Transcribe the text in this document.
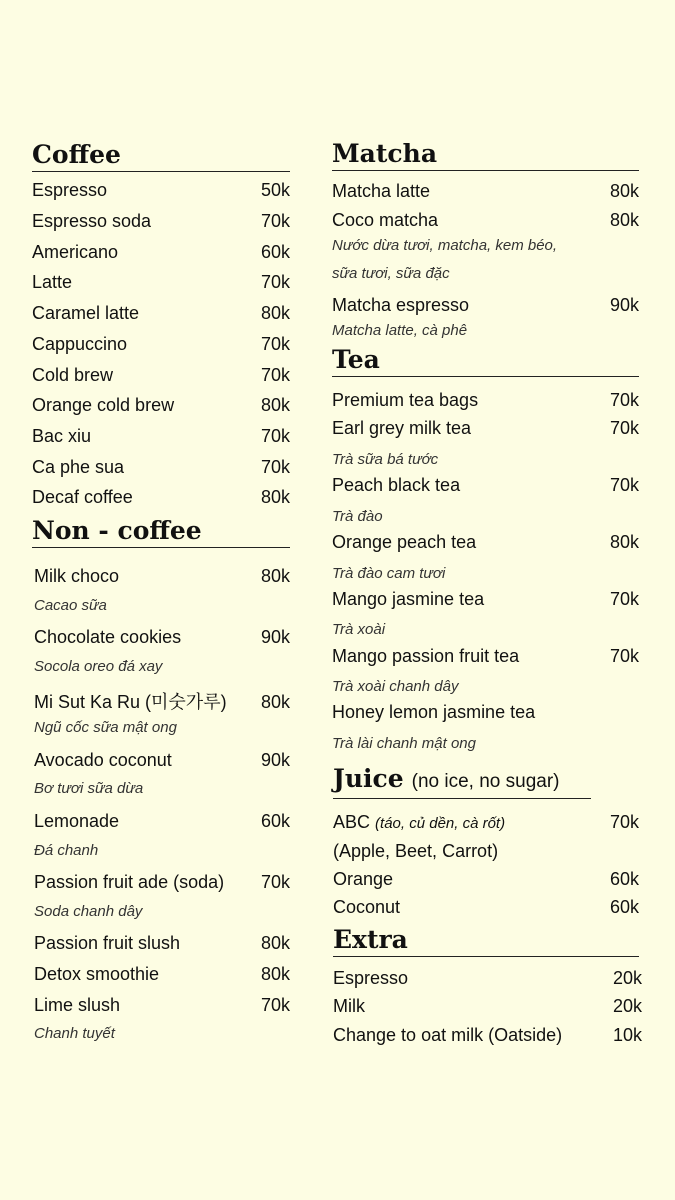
Coffee
Espresso	50k
Espresso soda	70k
Americano	60k
Latte	70k
Caramel latte	80k
Cappuccino	70k
Cold brew	70k
Orange cold brew	80k
Bac xiu	70k
Ca phe sua	70k
Decaf coffee	80k
Non - coffee
Milk choco	80k
Cacao sữa
Chocolate cookies	90k
Socola oreo đá xay
Mi Sut Ka Ru (미숫가루) 80k
Ngũ cốc sữa mật ong
Avocado coconut	90k
Bơ tươi sữa dừa
Lemonade	60k
Đá chanh
Passion fruit ade (soda) 70k
Soda chanh dây
Passion fruit slush	80k
Detox smoothie	80k
Lime slush	70k
Chanh tuyết
Matcha
Matcha latte	80k
Coco matcha	80k
Nước dừa tươi, matcha, kem béo,
sữa tươi, sữa đặc
Matcha espresso	90k
Matcha latte, cà phê
Tea
Premium tea bags	70k
Earl grey milk tea	70k
Trà sữa bá tước
Peach black tea	70k
Trà đào
Orange peach tea	80k
Trà đào cam tươi
Mango jasmine tea	70k
Trà xoài
Mango passion fruit tea	70k
Trà xoài chanh dây
Honey lemon jasmine tea
Trà lài chanh mật ong
Juice (no ice, no sugar)
ABC (táo, củ dền, cà rốt)	70k
(Apple, Beet, Carrot)
Orange	60k
Coconut	60k
Extra
Espresso	20k
Milk	20k
Change to oat milk (Oatside)	10k
